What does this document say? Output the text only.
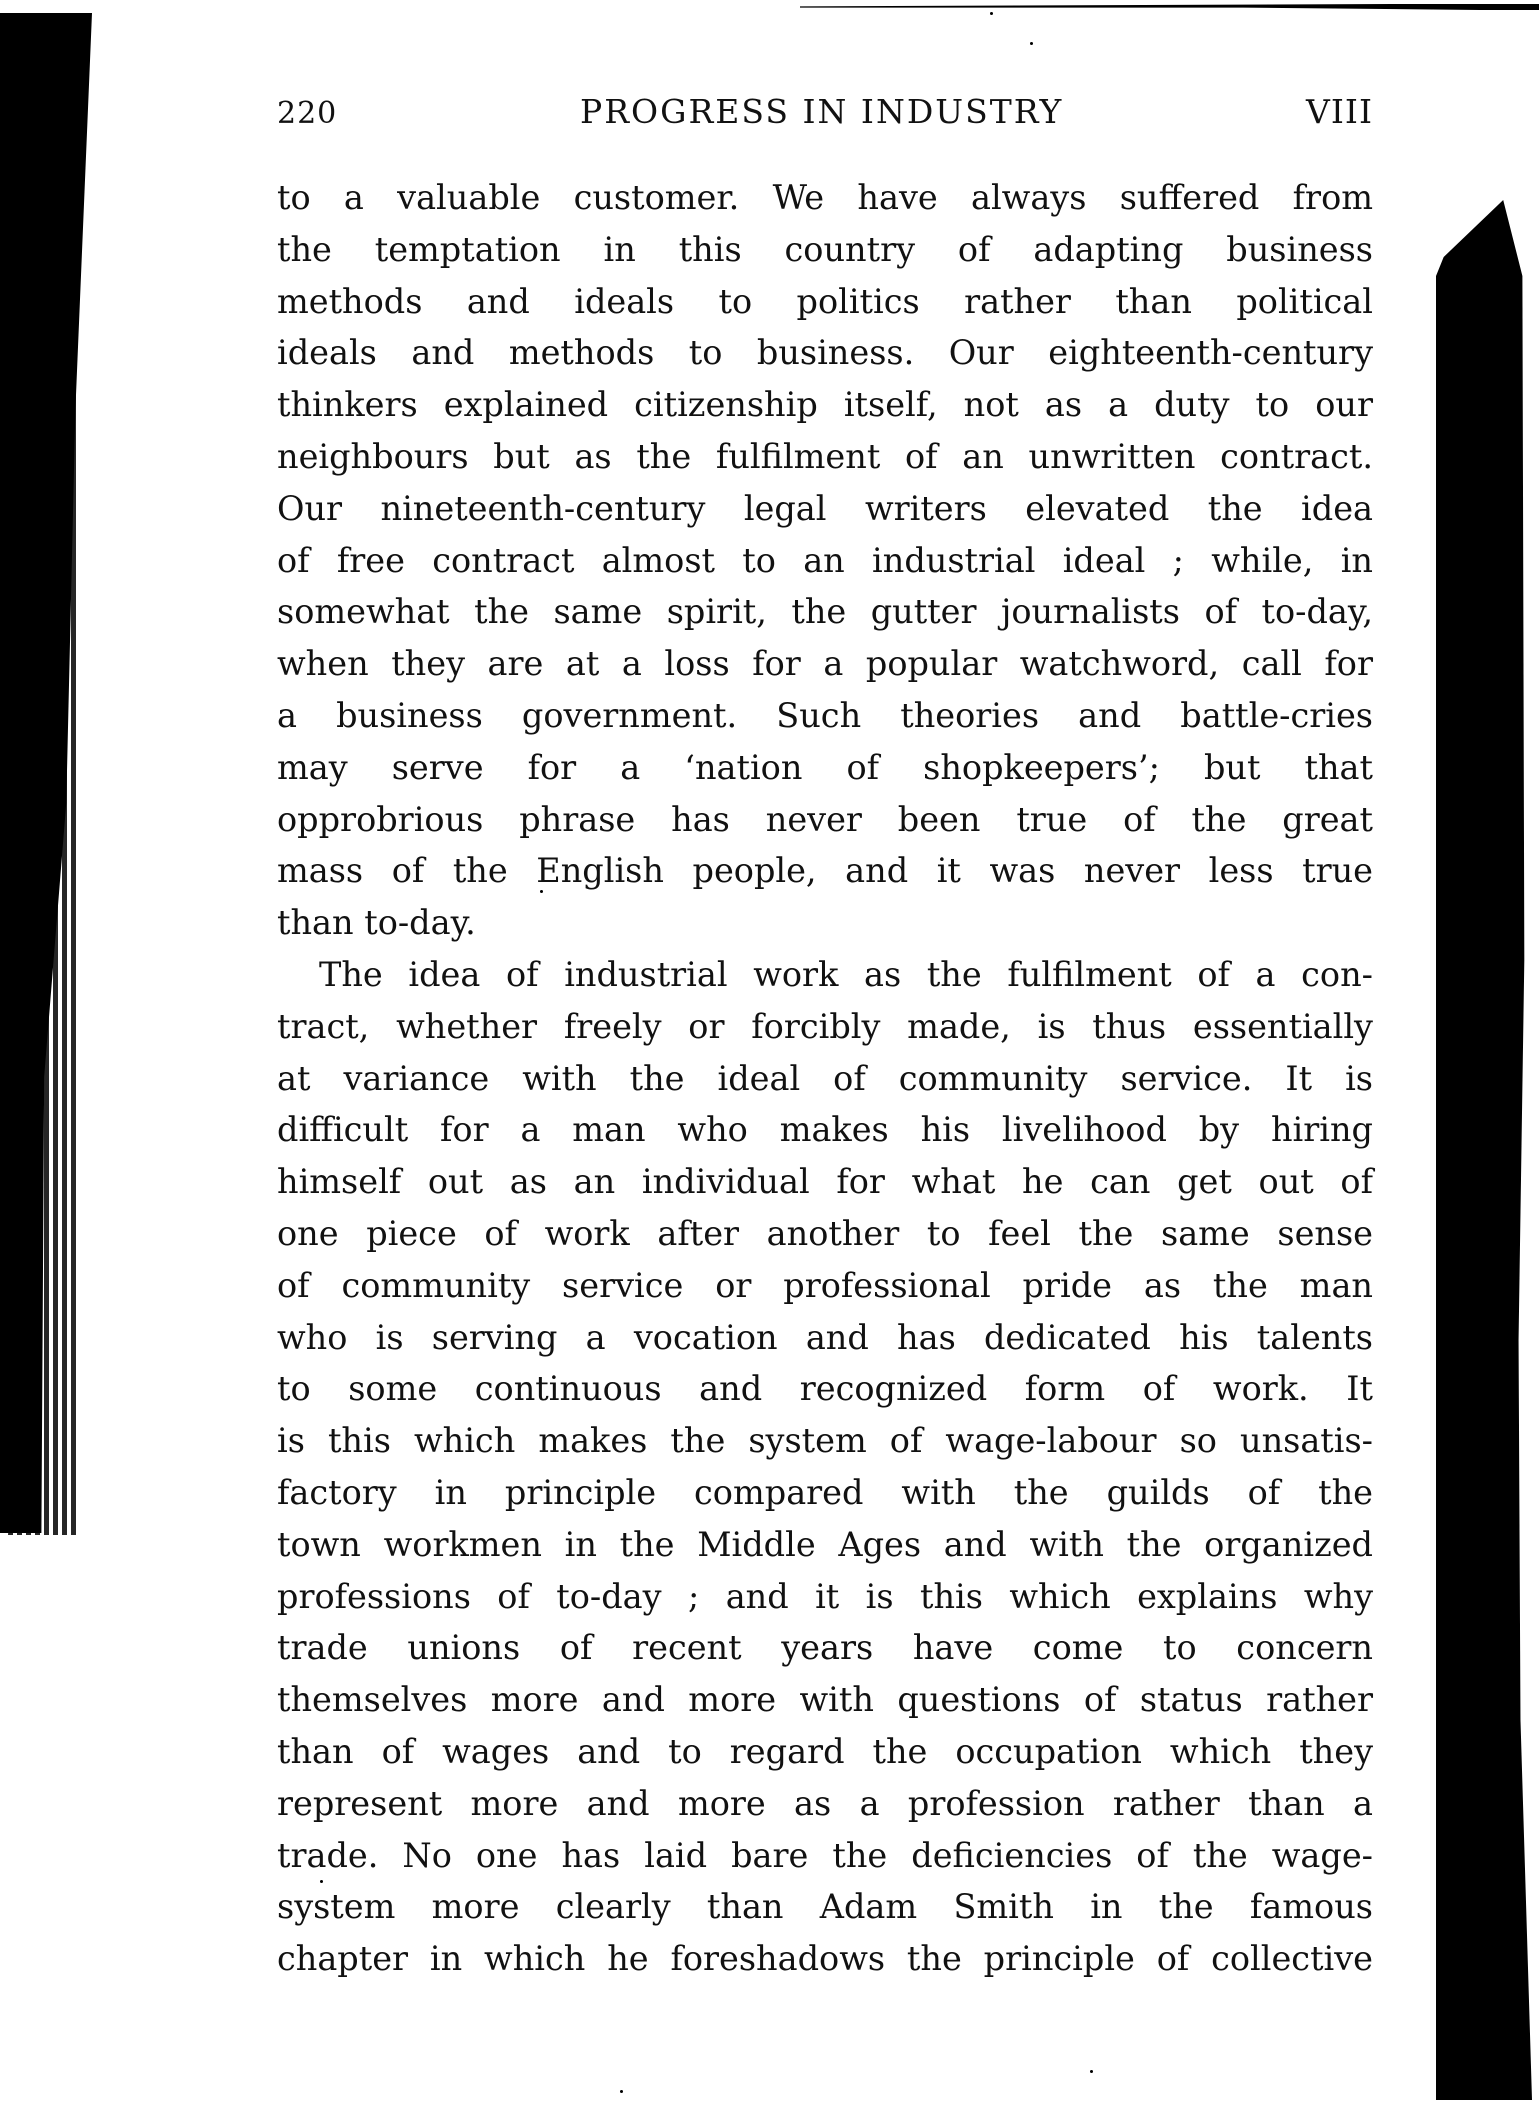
220	PROGRESS IN INDUSTRY	VIII
to a valuable customer. We have always suffered from
the temptation in this country of adapting business
methods and ideals to politics rather than political
ideals and methods to business. Our eighteenth-century
thinkers explained citizenship itself, not as a duty to our
neighbours but as the fulfilment of an unwritten contract.
Our nineteenth-century legal writers elevated the idea
of free contract almost to an industrial ideal ; while, in
somewhat the same spirit, the gutter journalists of to-day,
when they are at a loss for a popular watchword, call for
a business government. Such theories and battle-cries
may serve for a ‘nation of shopkeepers’; but that
opprobrious phrase has never been true of the great
mass of the English people, and it was never less true
than to-day.
The idea of industrial work as the fulfilment of a con-
tract, whether freely or forcibly made, is thus essentially
at variance with the ideal of community service. It is
difficult for a man who makes his livelihood by hiring
himself out as an individual for what he can get out of
one piece of work after another to feel the same sense
of community service or professional pride as the man
who is serving a vocation and has dedicated his talents
to some continuous and recognized form of work. It
is this which makes the system of wage-labour so unsatis-
factory in principle compared with the guilds of the
town workmen in the Middle Ages and with the organized
professions of to-day ; and it is this which explains why
trade unions of recent years have come to concern
themselves more and more with questions of status rather
than of wages and to regard the occupation which they
represent more and more as a profession rather than a
trade. No one has laid bare the deficiencies of the wage-
system more clearly than Adam Smith in the famous
chapter in which he foreshadows the principle of collective
